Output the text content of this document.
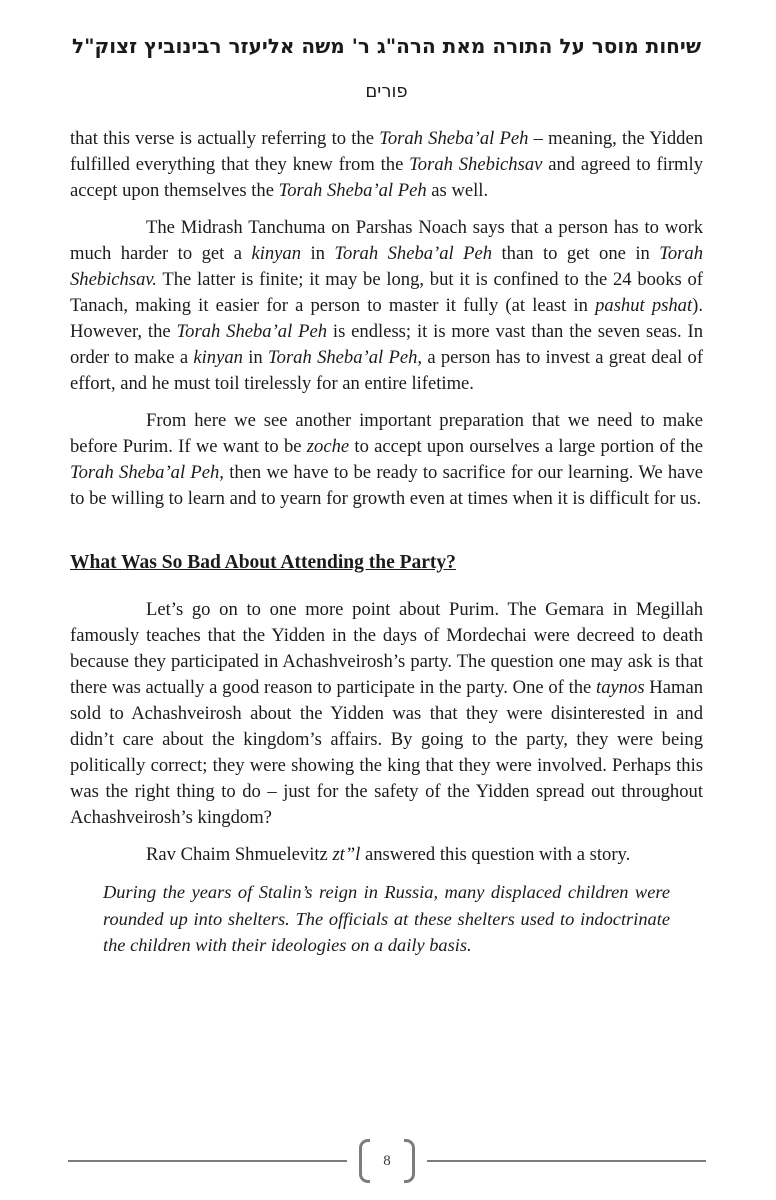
שיחות מוסר על התורה מאת הרה"ג ר' משה אליעזר רבינוביץ זצוק"ל
פורים

that this verse is actually referring to the Torah Sheba’al Peh – meaning, the Yidden fulfilled everything that they knew from the Torah Shebichsav and agreed to firmly accept upon themselves the Torah Sheba’al Peh as well.

The Midrash Tanchuma on Parshas Noach says that a person has to work much harder to get a kinyan in Torah Sheba’al Peh than to get one in Torah Shebichsav. The latter is finite; it may be long, but it is confined to the 24 books of Tanach, making it easier for a person to master it fully (at least in pashut pshat). However, the Torah Sheba’al Peh is endless; it is more vast than the seven seas. In order to make a kinyan in Torah Sheba’al Peh, a person has to invest a great deal of effort, and he must toil tirelessly for an entire lifetime.

From here we see another important preparation that we need to make before Purim. If we want to be zoche to accept upon ourselves a large portion of the Torah Sheba’al Peh, then we have to be ready to sacrifice for our learning. We have to be willing to learn and to yearn for growth even at times when it is difficult for us.

What Was So Bad About Attending the Party?

Let’s go on to one more point about Purim. The Gemara in Megillah famously teaches that the Yidden in the days of Mordechai were decreed to death because they participated in Achashveirosh’s party. The question one may ask is that there was actually a good reason to participate in the party. One of the taynos Haman sold to Achashveirosh about the Yidden was that they were disinterested in and didn’t care about the kingdom’s affairs. By going to the party, they were being politically correct; they were showing the king that they were involved. Perhaps this was the right thing to do – just for the safety of the Yidden spread out throughout Achashveirosh’s kingdom?

Rav Chaim Shmuelevitz zt”l answered this question with a story.

During the years of Stalin’s reign in Russia, many displaced children were rounded up into shelters. The officials at these shelters used to indoctrinate the children with their ideologies on a daily basis.
8
